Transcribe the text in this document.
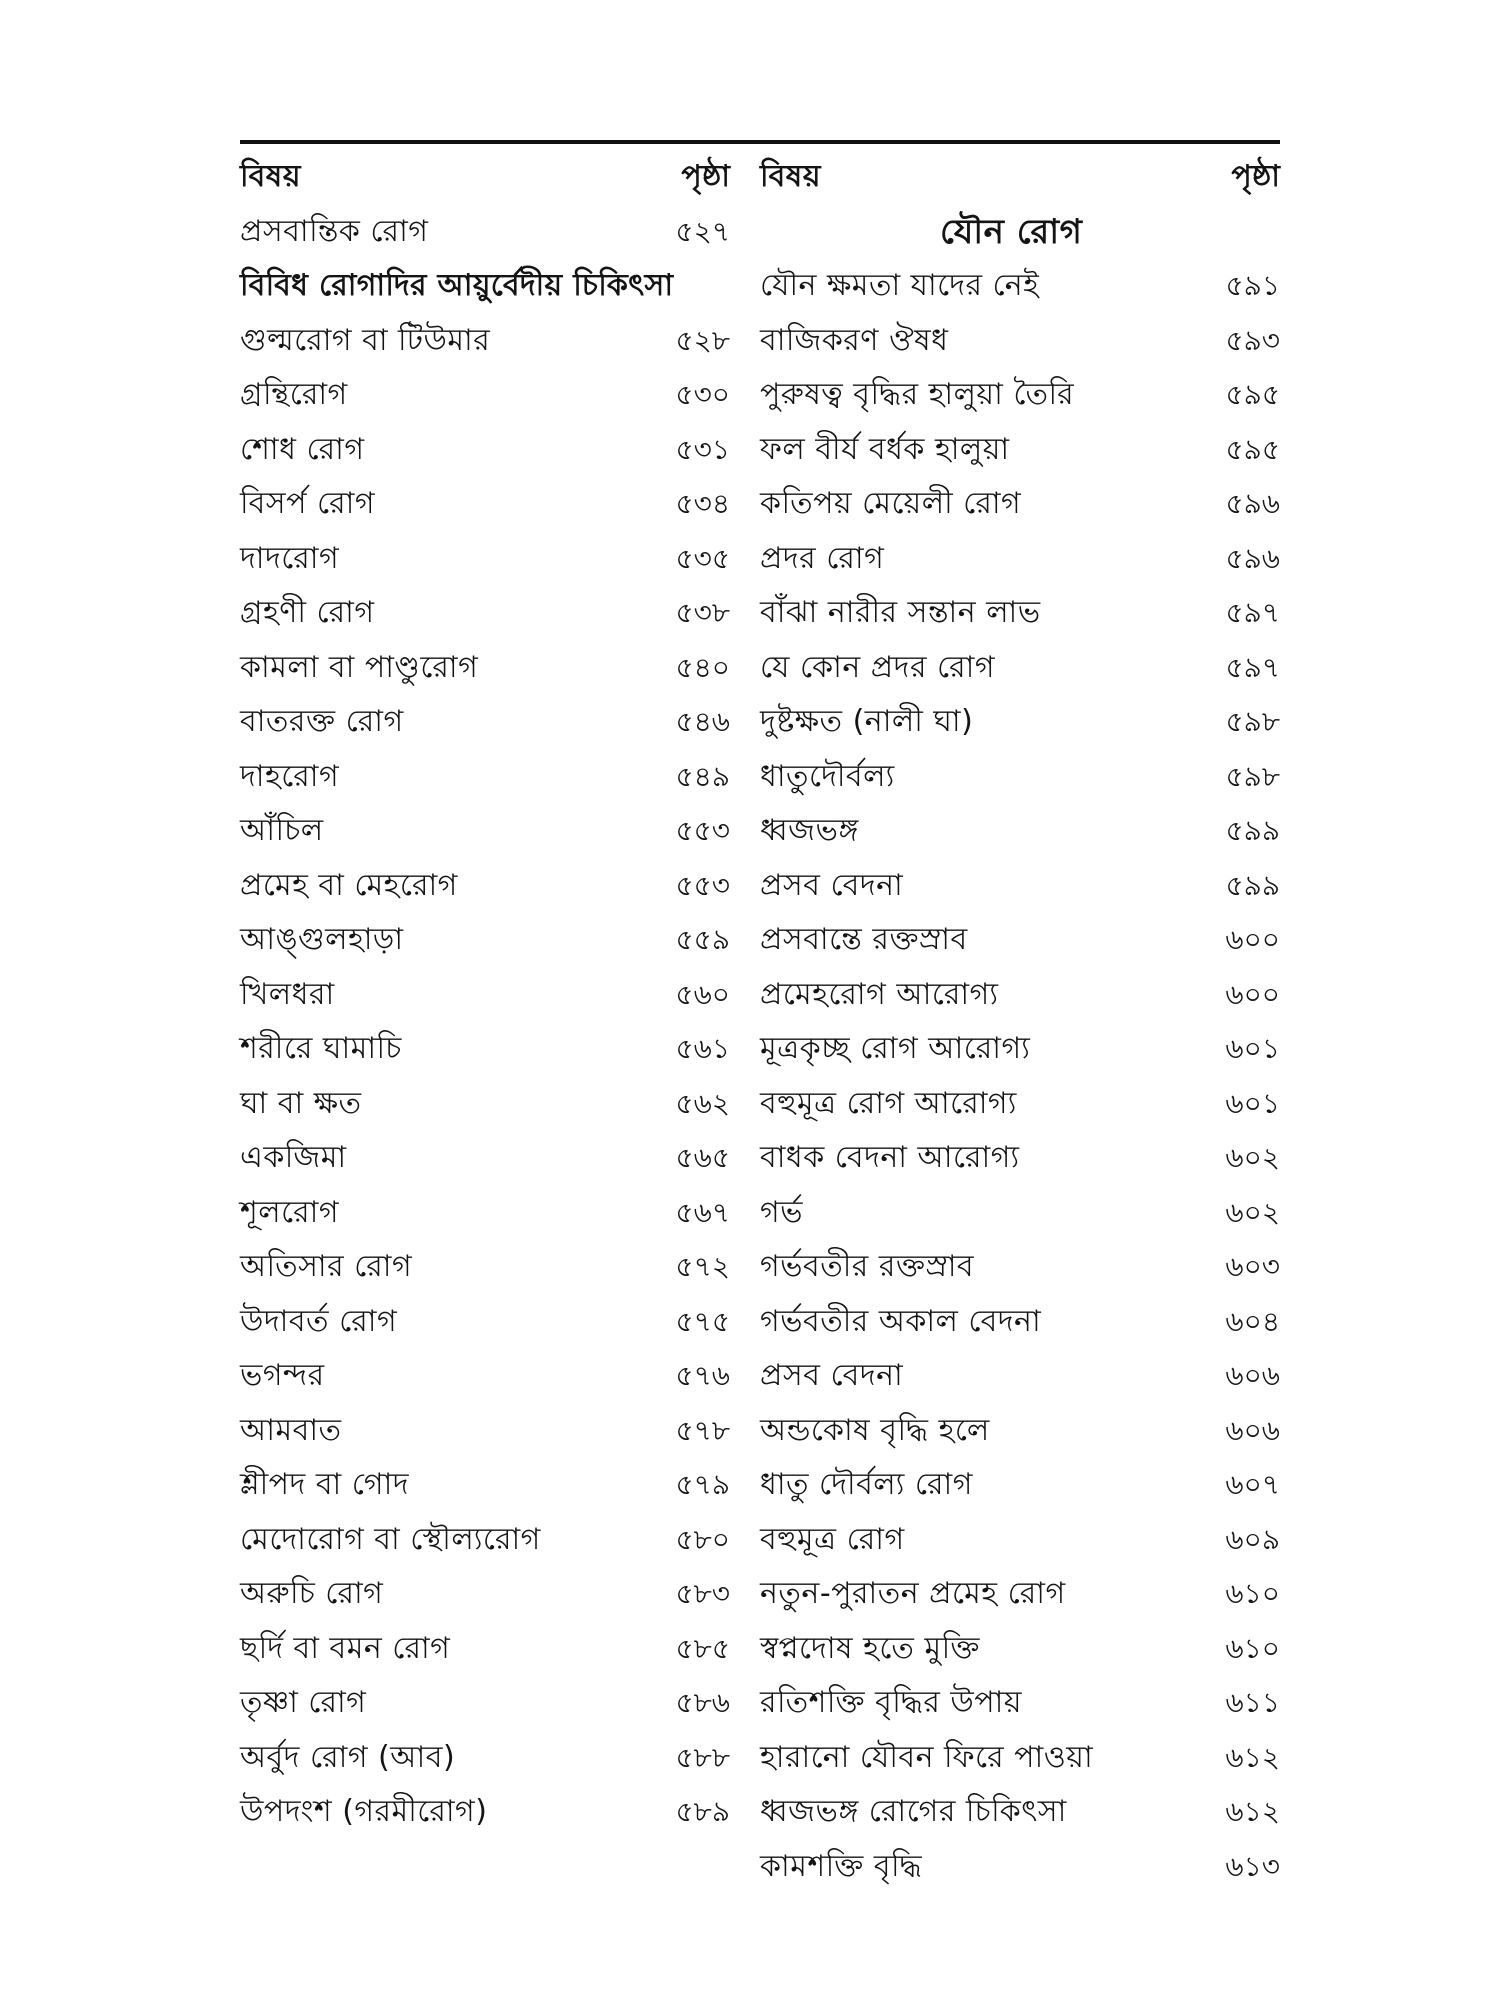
বিষয়	পৃষ্ঠা
প্রসবান্তিক রোগ	৫২৭
বিবিধ রোগাদির আয়ুর্বেদীয় চিকিৎসা
গুল্মরোগ বা টিউমার	৫২৮
গ্রন্থিরোগ	৫৩০
শোধ রোগ	৫৩১
বিসর্প রোগ	৫৩৪
দাদরোগ	৫৩৫
গ্রহণী রোগ	৫৩৮
কামলা বা পাণ্ডুরোগ	৫৪০
বাতরক্ত রোগ	৫৪৬
দাহরোগ	৫৪৯
আঁচিল	৫৫৩
প্রমেহ বা মেহরোগ	৫৫৩
আঙ্গুলহাড়া	৫৫৯
খিলধরা	৫৬০
শরীরে ঘামাচি	৫৬১
ঘা বা ক্ষত	৫৬২
একজিমা	৫৬৫
শূলরোগ	৫৬৭
অতিসার রোগ	৫৭২
উদাবর্ত রোগ	৫৭৫
ভগন্দর	৫৭৬
আমবাত	৫৭৮
শ্লীপদ বা গোদ	৫৭৯
মেদোরোগ বা স্থৌল্যরোগ	৫৮০
অরুচি রোগ	৫৮৩
ছর্দি বা বমন রোগ	৫৮৫
তৃষ্ণা রোগ	৫৮৬
অর্বুদ রোগ (আব)	৫৮৮
উপদংশ (গরমীরোগ)	৫৮৯
বিষয়	পৃষ্ঠা
যৌন রোগ
যৌন ক্ষমতা যাদের নেই	৫৯১
বাজিকরণ ঔষধ	৫৯৩
পুরুষত্ব বৃদ্ধির হালুয়া তৈরি	৫৯৫
ফল বীর্য বর্ধক হালুয়া	৫৯৫
কতিপয় মেয়েলী রোগ	৫৯৬
প্রদর রোগ	৫৯৬
বাঁঝা নারীর সন্তান লাভ	৫৯৭
যে কোন প্রদর রোগ	৫৯৭
দুষ্টক্ষত (নালী ঘা)	৫৯৮
ধাতুদৌর্বল্য	৫৯৮
ধ্বজভঙ্গ	৫৯৯
প্রসব বেদনা	৫৯৯
প্রসবান্তে রক্তস্রাব	৬০০
প্রমেহরোগ আরোগ্য	৬০০
মূত্রকৃচ্ছ রোগ আরোগ্য	৬০১
বহুমূত্র রোগ আরোগ্য	৬০১
বাধক বেদনা আরোগ্য	৬০২
গর্ভ	৬০২
গর্ভবতীর রক্তস্রাব	৬০৩
গর্ভবতীর অকাল বেদনা	৬০৪
প্রসব বেদনা	৬০৬
অন্ডকোষ বৃদ্ধি হলে	৬০৬
ধাতু দৌর্বল্য রোগ	৬০৭
বহুমূত্র রোগ	৬০৯
নতুন-পুরাতন প্রমেহ রোগ	৬১০
স্বপ্নদোষ হতে মুক্তি	৬১০
রতিশক্তি বৃদ্ধির উপায়	৬১১
হারানো যৌবন ফিরে পাওয়া	৬১২
ধ্বজভঙ্গ রোগের চিকিৎসা	৬১২
কামশক্তি বৃদ্ধি	৬১৩
